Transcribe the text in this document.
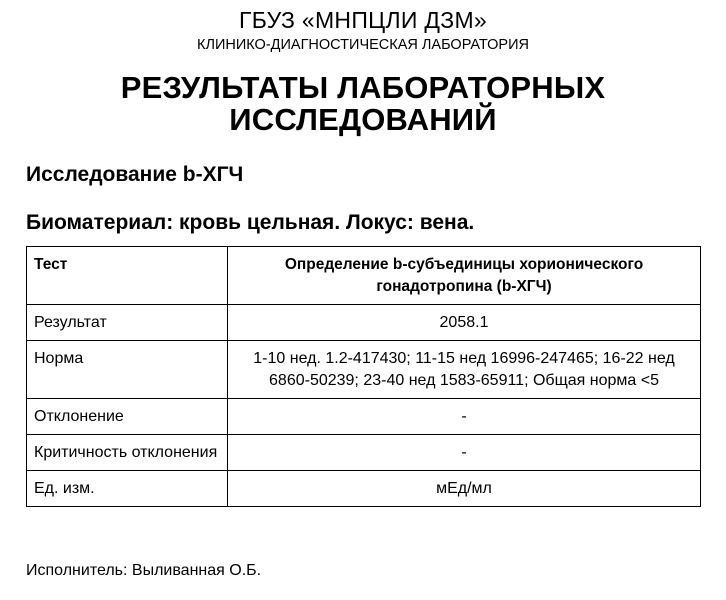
ГБУЗ «МНПЦЛИ ДЗМ»
КЛИНИКО-ДИАГНОСТИЧЕСКАЯ ЛАБОРАТОРИЯ
РЕЗУЛЬТАТЫ ЛАБОРАТОРНЫХ
ИССЛЕДОВАНИЙ
Исследование b-ХГЧ
Биоматериал: кровь цельная. Локус: вена.
Тест	Определение b-субъединицы хорионического гонадотропина (b-ХГЧ)
Результат	2058.1
Норма	1-10 нед. 1.2-417430; 11-15 нед 16996-247465; 16-22 нед 6860-50239; 23-40 нед 1583-65911; Общая норма <5
Отклонение	-
Критичность отклонения	-
Ед. изм.	мЕд/мл
Исполнитель: Выливанная О.Б.
